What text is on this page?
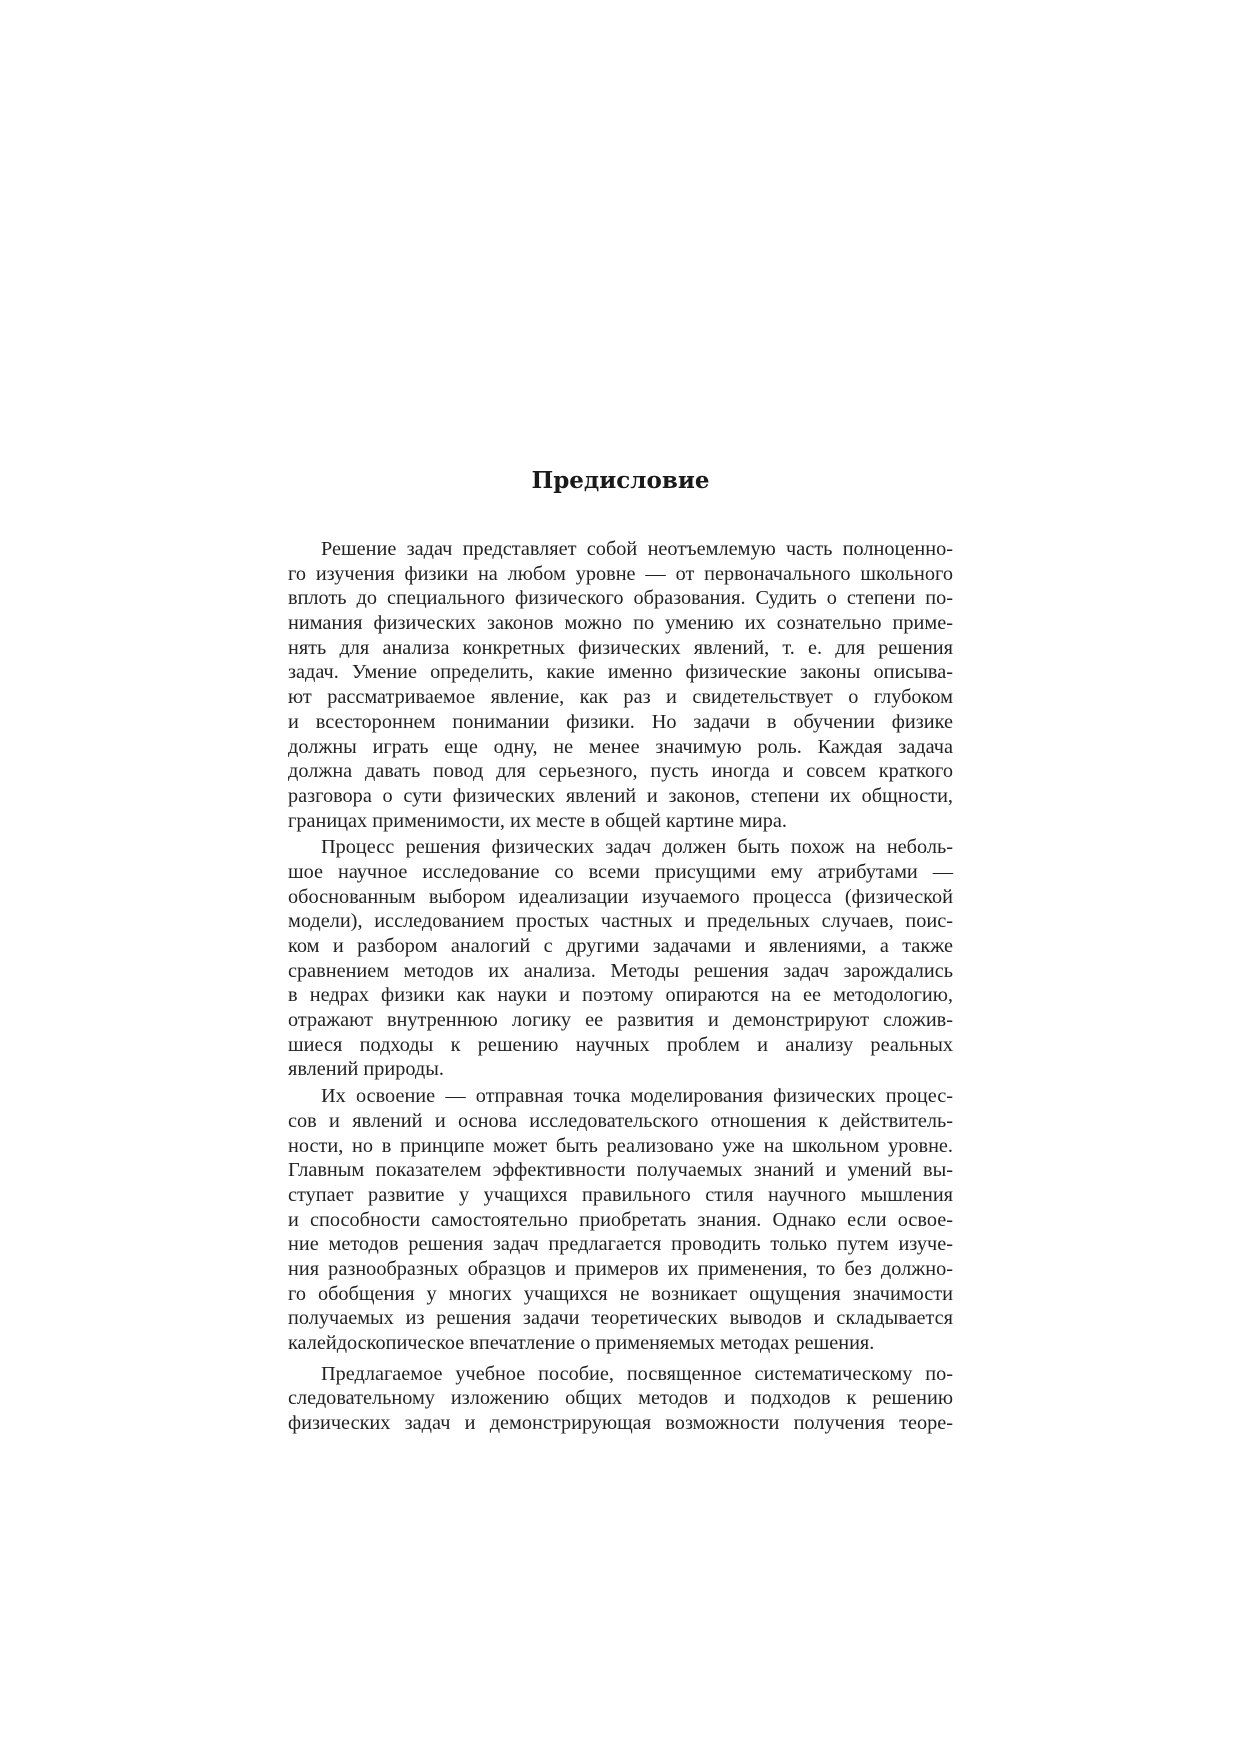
Предисловие
Решение задач представляет собой неотъемлемую часть полноценно-
го изучения физики на любом уровне — от первоначального школьного
вплоть до специального физического образования. Судить о степени по-
нимания физических законов можно по умению их сознательно приме-
нять для анализа конкретных физических явлений, т. е. для решения
задач. Умение определить, какие именно физические законы описыва-
ют рассматриваемое явление, как раз и свидетельствует о глубоком
и всестороннем понимании физики. Но задачи в обучении физике
должны играть еще одну, не менее значимую роль. Каждая задача
должна давать повод для серьезного, пусть иногда и совсем краткого
разговора о сути физических явлений и законов, степени их общности,
границах применимости, их месте в общей картине мира.
Процесс решения физических задач должен быть похож на неболь-
шое научное исследование со всеми присущими ему атрибутами —
обоснованным выбором идеализации изучаемого процесса (физической
модели), исследованием простых частных и предельных случаев, поис-
ком и разбором аналогий с другими задачами и явлениями, а также
сравнением методов их анализа. Методы решения задач зарождались
в недрах физики как науки и поэтому опираются на ее методологию,
отражают внутреннюю логику ее развития и демонстрируют сложив-
шиеся подходы к решению научных проблем и анализу реальных
явлений природы.
Их освоение — отправная точка моделирования физических процес-
сов и явлений и основа исследовательского отношения к действитель-
ности, но в принципе может быть реализовано уже на школьном уровне.
Главным показателем эффективности получаемых знаний и умений вы-
ступает развитие у учащихся правильного стиля научного мышления
и способности самостоятельно приобретать знания. Однако если освое-
ние методов решения задач предлагается проводить только путем изуче-
ния разнообразных образцов и примеров их применения, то без должно-
го обобщения у многих учащихся не возникает ощущения значимости
получаемых из решения задачи теоретических выводов и складывается
калейдоскопическое впечатление о применяемых методах решения.
Предлагаемое учебное пособие, посвященное систематическому по-
следовательному изложению общих методов и подходов к решению
физических задач и демонстрирующая возможности получения теоре-
